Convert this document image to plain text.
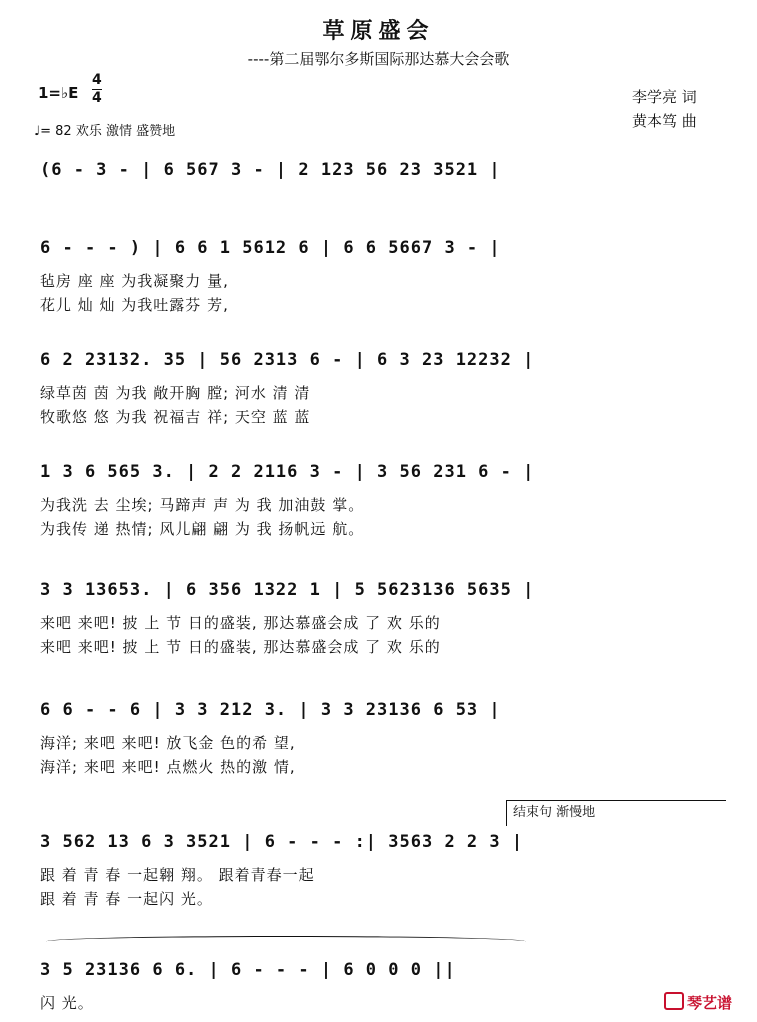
草原盛会
----第二届鄂尔多斯国际那达慕大会会歌
1=♭E
4
4
♩= 82 欢乐 激情 盛赞地
李学亮 词
黄本笃 曲
(6 - 3 - | 6 567 3 - | 2 123 56 23 3521 |
6 - - - ) | 6 6 1 5612 6 | 6 6 5667 3 - |
毡房 座 座 为我凝聚力 量,
花儿 灿 灿 为我吐露芬 芳,
6 2 23132. 35 | 56 2313 6 - | 6 3 23 12232 |
绿草茵 茵 为我 敞开胸 膛; 河水 清 清
牧歌悠 悠 为我 祝福吉 祥; 天空 蓝 蓝
1 3 6 565 3. | 2 2 2116 3 - | 3 56 231 6 - |
为我洗 去 尘埃; 马蹄声 声 为 我 加油鼓 掌。
为我传 递 热情; 风儿翩 翩 为 我 扬帆远 航。
3 3 13653. | 6 356 1322 1 | 5 5623136 5635 |
来吧 来吧! 披 上 节 日的盛装, 那达慕盛会成 了 欢 乐的
来吧 来吧! 披 上 节 日的盛装, 那达慕盛会成 了 欢 乐的
6 6 - - 6 | 3 3 212 3. | 3 3 23136 6 53 |
海洋; 来吧 来吧! 放飞金 色的希 望,
海洋; 来吧 来吧! 点燃火 热的激 情,
结束句 渐慢地
3 562 13 6 3 3521 | 6 - - - :| 3563 2 2 3 |
跟 着 青 春 一起翱 翔。 跟着青春一起
跟 着 青 春 一起闪 光。
3 5 23136 6 6. | 6 - - - | 6 0 0 0 ||
闪 光。	琴艺谱
